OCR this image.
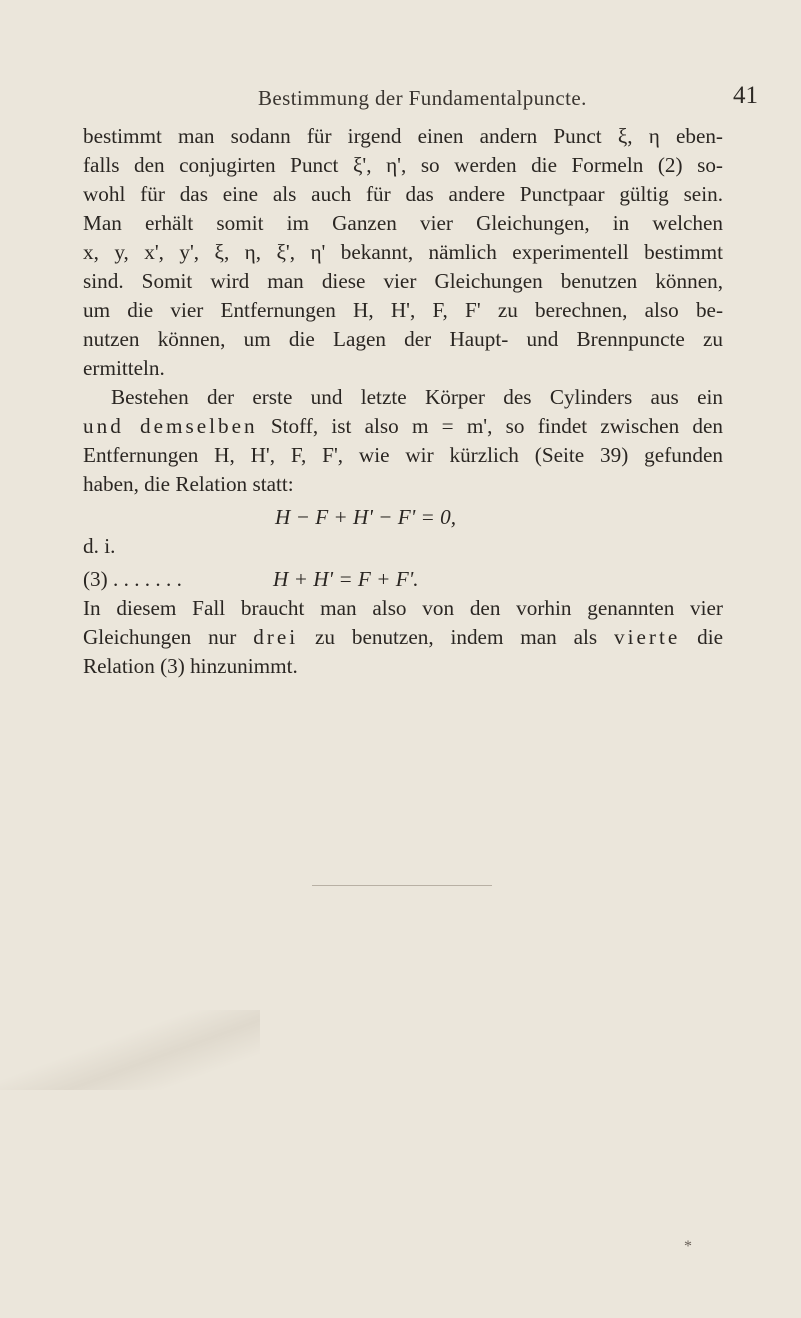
Bestimmung der Fundamentalpuncte.	41
bestimmt man sodann für irgend einen andern Punct ξ, η eben-
falls den conjugirten Punct ξ', η', so werden die Formeln (2) so-
wohl für das eine als auch für das andere Punctpaar gültig sein.
Man erhält somit im Ganzen vier Gleichungen, in welchen
x, y, x', y', ξ, η, ξ', η' bekannt, nämlich experimentell bestimmt
sind. Somit wird man diese vier Gleichungen benutzen können,
um die vier Entfernungen H, H', F, F' zu berechnen, also be-
nutzen können, um die Lagen der Haupt- und Brennpuncte zu
ermitteln.
Bestehen der erste und letzte Körper des Cylinders aus ein
und demselben Stoff, ist also m = m', so findet zwischen den
Entfernungen H, H', F, F', wie wir kürzlich (Seite 39) gefunden
haben, die Relation statt:
H − F + H' − F' = 0,
d. i.
(3) . . . . . . .	H + H' = F + F'.
In diesem Fall braucht man also von den vorhin genannten vier
Gleichungen nur drei zu benutzen, indem man als vierte die
Relation (3) hinzunimmt.
*
